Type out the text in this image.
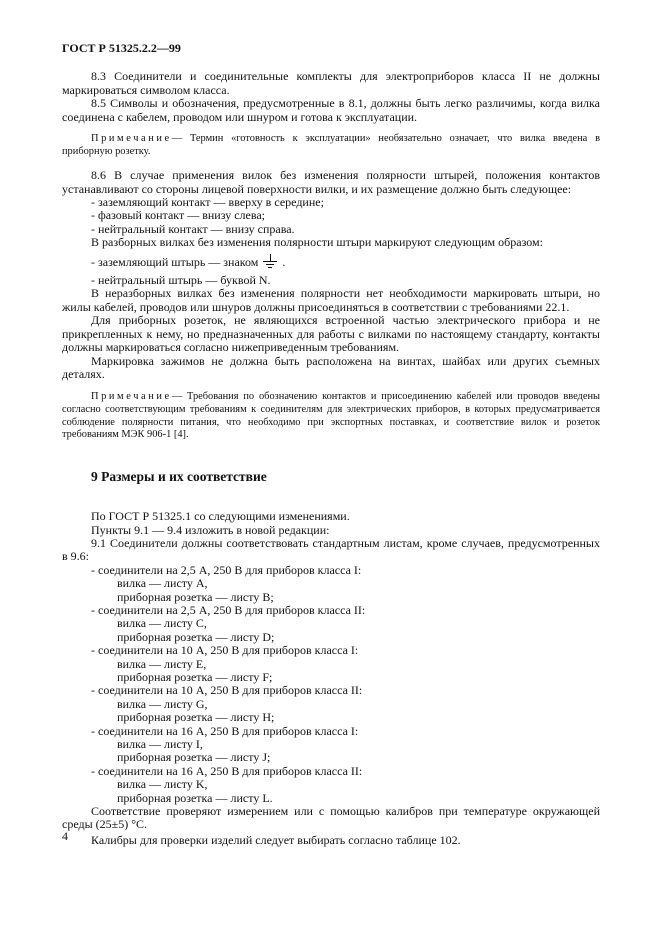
ГОСТ Р 51325.2.2—99

8.3 Соединители и соединительные комплекты для электроприборов класса II не должны маркироваться символом класса.

8.5 Символы и обозначения, предусмотренные в 8.1, должны быть легко различимы, когда вилка соединена с кабелем, проводом или шнуром и готова к эксплуатации.

Примечание— Термин «готовность к эксплуатации» необязательно означает, что вилка введена в приборную розетку.

8.6 В случае применения вилок без изменения полярности штырей, положения контактов устанавливают со стороны лицевой поверхности вилки, и их размещение должно быть следующее:

- заземляющий контакт — вверху в середине;

- фазовый контакт — внизу слева;

- нейтральный контакт — внизу справа.

В разборных вилках без изменения полярности штыри маркируют следующим образом:

- заземляющий штырь — знаком .

- нейтральный штырь — буквой N.

В неразборных вилках без изменения полярности нет необходимости маркировать штыри, но жилы кабелей, проводов или шнуров должны присоединяться в соответствии с требованиями 22.1.

Для приборных розеток, не являющихся встроенной частью электрического прибора и не прикрепленных к нему, но предназначенных для работы с вилками по настоящему стандарту, контакты должны маркироваться согласно нижеприведенным требованиям.

Маркировка зажимов не должна быть расположена на винтах, шайбах или других съемных деталях.

Примечание— Требования по обозначению контактов и присоединению кабелей или проводов введены согласно соответствующим требованиям к соединителям для электрических приборов, в которых предусматривается соблюдение полярности питания, что необходимо при экспортных поставках, и соответствие вилок и розеток требованиям МЭК 906-1 [4].

9 Размеры и их соответствие

По ГОСТ Р 51325.1 со следующими изменениями.

Пункты 9.1 — 9.4 изложить в новой редакции:

9.1 Соединители должны соответствовать стандартным листам, кроме случаев, предусмотренных в 9.6:

- соединители на 2,5 А, 250 В для приборов класса I:

вилка — листу А,

приборная розетка — листу В;

- соединители на 2,5 А, 250 В для приборов класса II:

вилка — листу С,

приборная розетка — листу D;

- соединители на 10 А, 250 В для приборов класса I:

вилка — листу Е,

приборная розетка — листу F;

- соединители на 10 А, 250 В для приборов класса II:

вилка — листу G,

приборная розетка — листу Н;

- соединители на 16 А, 250 В для приборов класса I:

вилка — листу I,

приборная розетка — листу J;

- соединители на 16 А, 250 В для приборов класса II:

вилка — листу K,

приборная розетка — листу L.

Соответствие проверяют измерением или с помощью калибров при температуре окружающей среды (25±5) °С.

Калибры для проверки изделий следует выбирать согласно таблице 102.

4
